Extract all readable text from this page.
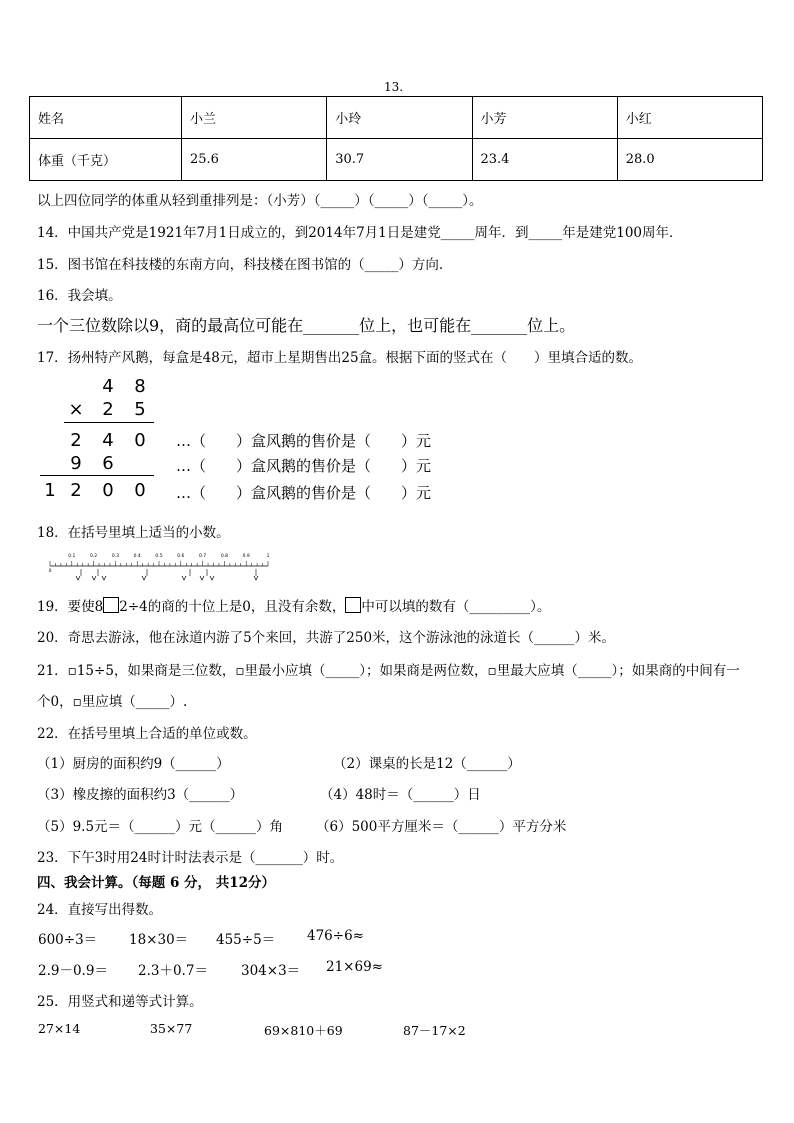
13.
姓名	小兰	小玲	小芳	小红
体重（千克）	25.6	30.7	23.4	28.0
以上四位同学的体重从轻到重排列是：（小芳）（_____）（_____）（_____）。
14．中国共产党是1921年7月1日成立的，到2014年7月1日是建党_____周年．到_____年是建党100周年．
15．图书馆在科技楼的东南方向，科技楼在图书馆的（_____）方向．
16．我会填。
一个三位数除以9，商的最高位可能在_______位上，也可能在_______位上。
17．扬州特产风鹅，每盒是48元，超市上星期售出25盒。根据下面的竖式在（　　）里填合适的数。
4 8
× 2 5
2 4 0
9 6
1 2 0 0
…（　　）盒风鹅的售价是（　　）元
…（　　）盒风鹅的售价是（　　）元
…（　　）盒风鹅的售价是（　　）元
18．在括号里填上适当的小数。
0
0.1	0.2	0.3	0.4	0.5	0.6	0.7	0.8	0.9	1
19．要使8 2÷4的商的十位上是0，且没有余数， 中可以填的数有（_________）。
20．奇思去游泳，他在泳道内游了5个来回，共游了250米，这个游泳池的泳道长（______）米。
21．▫15÷5，如果商是三位数，▫里最小应填（_____）；如果商是两位数，▫里最大应填（_____）；如果商的中间有一
个0，▫里应填（_____）.
22．在括号里填上合适的单位或数。
（1）厨房的面积约9（______）	（2）课桌的长是12（______）
（3）橡皮擦的面积约3（______）	（4）48时＝（______）日
（5）9.5元＝（______）元（______）角 （6）500平方厘米＝（______）平方分米
23．下午3时用24时计时法表示是（_______）时。
四、我会计算。（每题 6 分， 共12分）
24．直接写出得数。
600÷3＝ 18×30＝ 455÷5＝ 476÷6≈
2.9－0.9＝ 2.3＋0.7＝ 304×3＝ 21×69≈
25．用竖式和递等式计算。
27×14	35×77	69×810＋69	87－17×2
